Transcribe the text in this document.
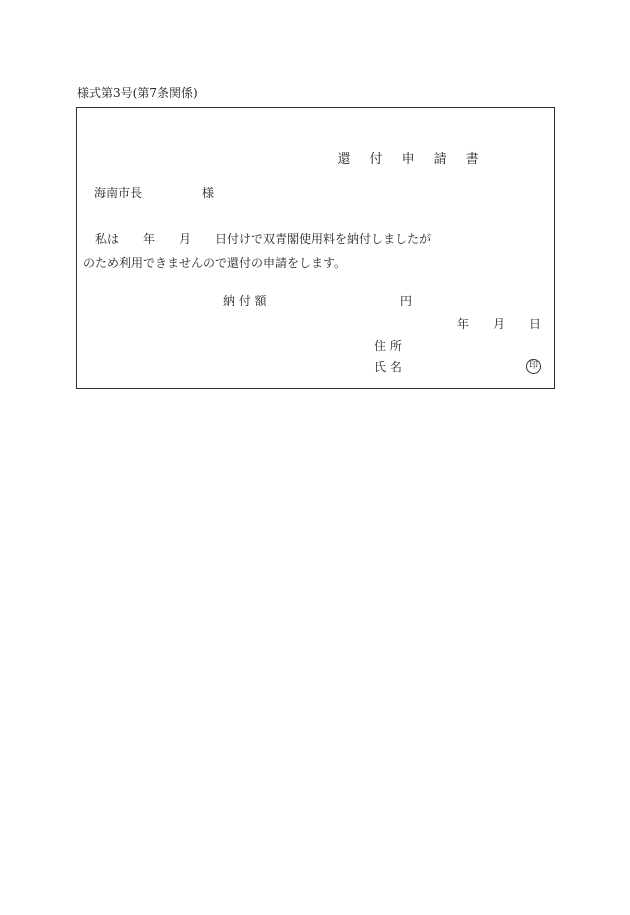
様式第3号(第7条関係)

還 付 申 請 書

海南市長　　　　　様
　私は　　年　　月　　日付けで双青閣使用料を納付しましたが
のため利用できませんので還付の申請をします。
納 付 額	円
年　　月　　日
住 所
氏 名	印
